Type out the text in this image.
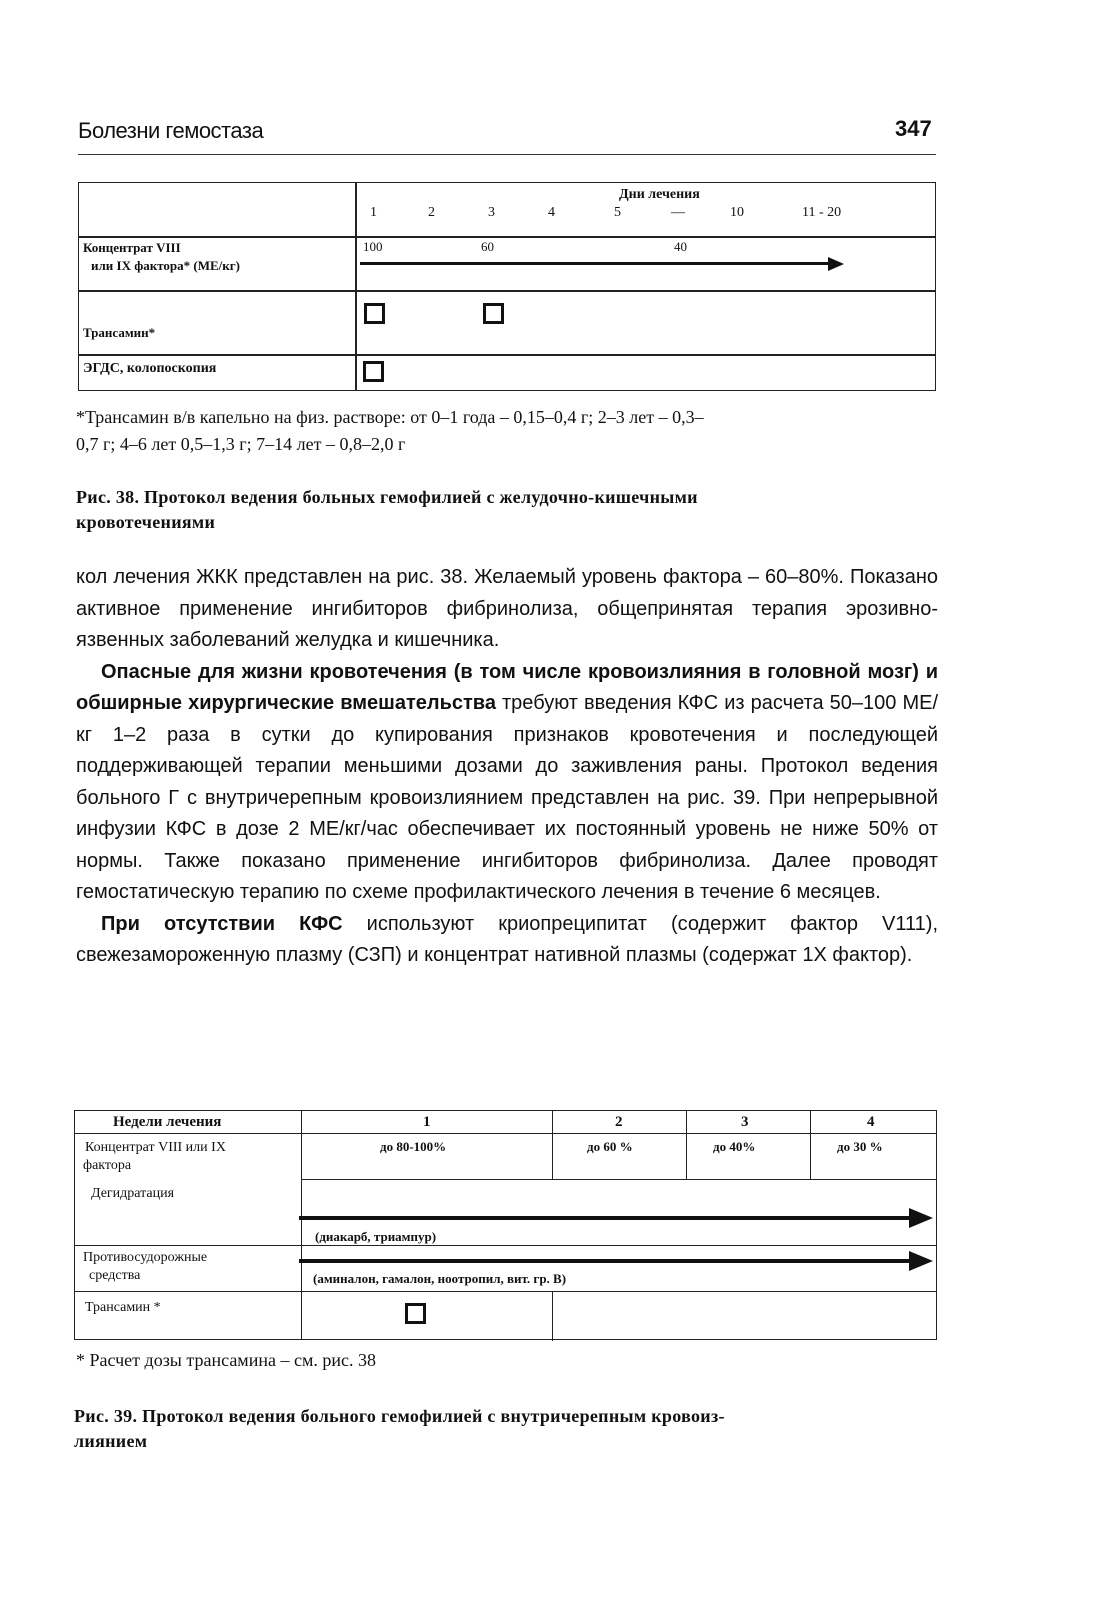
Болезни гемостаза	347
Дни лечения
1	2	3	4	5	—	10	11 - 20
Концентрат VIII
или IX фактора* (МЕ/кг)
100	60	40
Трансамин*
ЭГДС, колопоскопия
*Трансамин в/в капельно на физ. растворе: от 0–1 года – 0,15–0,4 г; 2–3 лет – 0,3–
0,7 г; 4–6 лет 0,5–1,3 г; 7–14 лет – 0,8–2,0 г
Рис. 38. Протокол ведения больных гемофилией с желудочно-кишечными
кровотечениями

кол лечения ЖКК представлен на рис. 38. Желаемый уровень фактора – 60–80%. Показано активное применение ингибиторов фибринолиза, общепринятая терапия эрозивно-язвенных заболеваний желудка и кишечника.

Опасные для жизни кровотечения (в том числе кровоизлияния в головной мозг) и обширные хирургические вмешательства требуют введения КФС из расчета 50–100 МЕ/кг 1–2 раза в сутки до купирования признаков кровотечения и последующей поддерживающей терапии меньшими дозами до заживления раны. Протокол ведения больного Г с внутричерепным кровоизлиянием представлен на рис. 39. При непрерывной инфузии КФС в дозе 2 МЕ/кг/час обеспечивает их постоянный уровень не ниже 50% от нормы. Также показано применение ингибиторов фибринолиза. Далее проводят гемостатическую терапию по схеме профилактического лечения в течение 6 месяцев.

При отсутствии КФС используют криопреципитат (содержит фактор V111), свежезамороженную плазму (СЗП) и концентрат нативной плазмы (содержат 1Х фактор).

Недели лечения	1	2	3	4
Концентрат VIII или IX
фактора
до 80-100%	до 60 %	до 40%	до 30 %
Дегидратация
(диакарб, триампур)
Противосудорожные
средства	(аминалон, гамалон, ноотропил, вит. гр. В)
Трансамин *
* Расчет дозы трансамина – см. рис. 38
Рис. 39. Протокол ведения больного гемофилией с внутричерепным кровоиз-
лиянием
